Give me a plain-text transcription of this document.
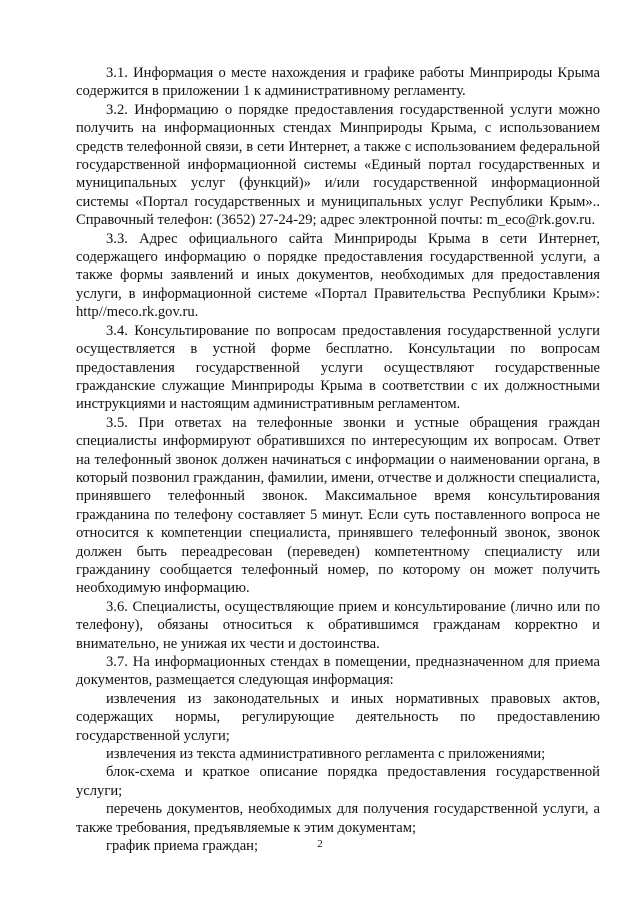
3.1. Информация о месте нахождения и графике работы Минприроды Крыма содержится в приложении 1 к административному регламенту.

3.2. Информацию о порядке предоставления государственной услуги можно получить на информационных стендах Минприроды Крыма, с использованием средств телефонной связи, в сети Интернет, а также с использованием федеральной государственной информационной системы «Единый портал государственных и муниципальных услуг (функций)» и/или государственной информационной системы «Портал государственных и муниципальных услуг Республики Крым».. Справочный телефон: (3652) 27-24-29; адрес электронной почты: m_eco@rk.gov.ru.

3.3. Адрес официального сайта Минприроды Крыма в сети Интернет, содержащего информацию о порядке предоставления государственной услуги, а также формы заявлений и иных документов, необходимых для предоставления услуги, в информационной системе «Портал Правительства Республики Крым»: http//meco.rk.gov.ru.

3.4. Консультирование по вопросам предоставления государственной услуги осуществляется в устной форме бесплатно. Консультации по вопросам предоставления государственной услуги осуществляют государственные гражданские служащие Минприроды Крыма в соответствии с их должностными инструкциями и настоящим административным регламентом.

3.5. При ответах на телефонные звонки и устные обращения граждан специалисты информируют обратившихся по интересующим их вопросам. Ответ на телефонный звонок должен начинаться с информации о наименовании органа, в который позвонил гражданин, фамилии, имени, отчестве и должности специалиста, принявшего телефонный звонок. Максимальное время консультирования гражданина по телефону составляет 5 минут. Если суть поставленного вопроса не относится к компетенции специалиста, принявшего телефонный звонок, звонок должен быть переадресован (переведен) компетентному специалисту или гражданину сообщается телефонный номер, по которому он может получить необходимую информацию.

3.6. Специалисты, осуществляющие прием и консультирование (лично или по телефону), обязаны относиться к обратившимся гражданам корректно и внимательно, не унижая их чести и достоинства.

3.7. На информационных стендах в помещении, предназначенном для приема документов, размещается следующая информация:

извлечения из законодательных и иных нормативных правовых актов, содержащих нормы, регулирующие деятельность по предоставлению государственной услуги;

извлечения из текста административного регламента с приложениями;

блок-схема и краткое описание порядка предоставления государственной услуги;

перечень документов, необходимых для получения государственной услуги, а также требования, предъявляемые к этим документам;

график приема граждан;	2
